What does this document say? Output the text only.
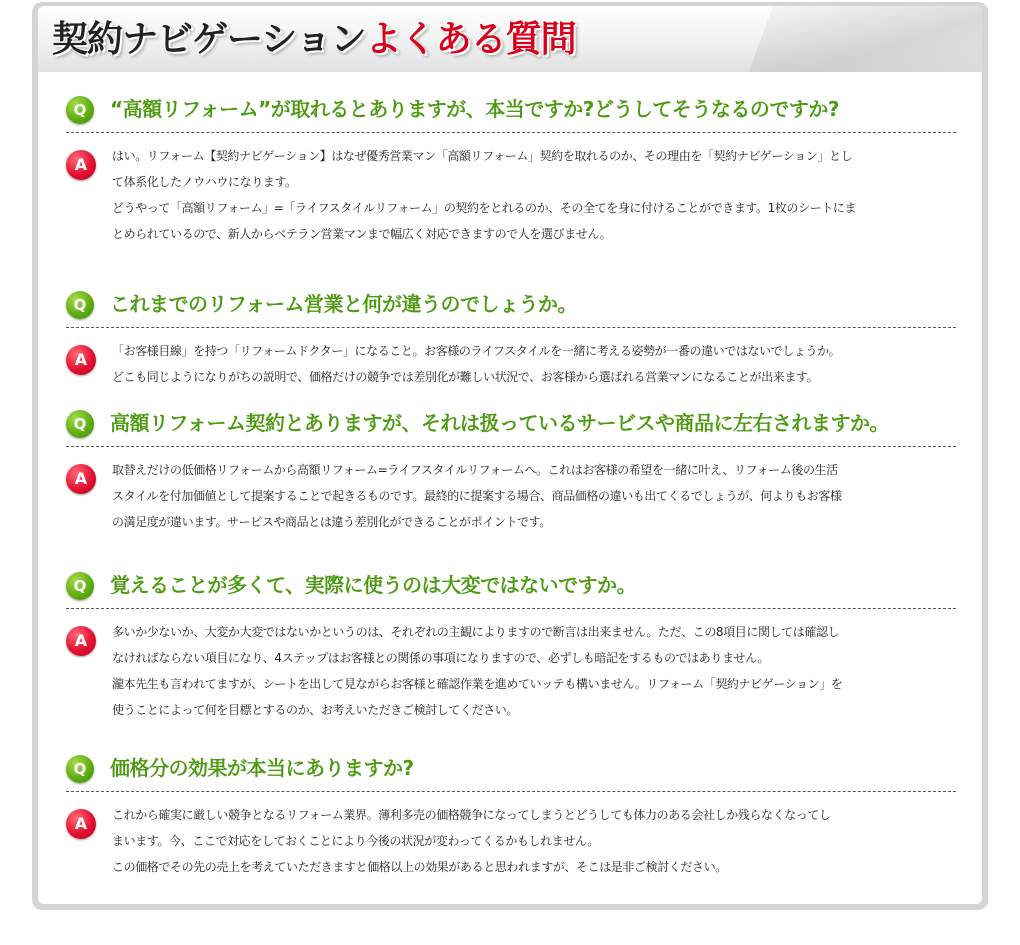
契約ナビゲーションよくある質問
Q	“高額リフォーム”が取れるとありますが、本当ですか?どうしてそうなるのですか?
A	はい。リフォーム【契約ナビゲーション】はなぜ優秀営業マン「高額リフォーム」契約を取れるのか、その理由を「契約ナビゲーション」とし
て体系化したノウハウになります。
どうやって「高額リフォーム」=「ライフスタイルリフォーム」の契約をとれるのか、その全てを身に付けることができます。1枚のシートにま
とめられているので、新人からベテラン営業マンまで幅広く対応できますので人を選びません。
Q	これまでのリフォーム営業と何が違うのでしょうか。
A	「お客様目線」を持つ「リフォームドクター」になること。お客様のライフスタイルを一緒に考える姿勢が一番の違いではないでしょうか。
どこも同じようになりがちの説明で、価格だけの競争では差別化が難しい状況で、お客様から選ばれる営業マンになることが出来ます。
Q	高額リフォーム契約とありますが、それは扱っているサービスや商品に左右されますか。
A	取替えだけの低価格リフォームから高額リフォーム=ライフスタイルリフォームへ。これはお客様の希望を一緒に叶え、リフォーム後の生活
スタイルを付加価値として提案することで起きるものです。最終的に提案する場合、商品価格の違いも出てくるでしょうが、何よりもお客様
の満足度が違います。サービスや商品とは違う差別化ができることがポイントです。
Q	覚えることが多くて、実際に使うのは大変ではないですか。
A	多いか少ないか、大変か大変ではないかというのは、それぞれの主観によりますので断言は出来ません。ただ、この8項目に関しては確認し
なければならない項目になり、4ステップはお客様との関係の事項になりますので、必ずしも暗記をするものではありません。
瀧本先生も言われてますが、シートを出して見ながらお客様と確認作業を進めていッテも構いません。リフォーム「契約ナビゲーション」を
使うことによって何を目標とするのか、お考えいただきご検討してください。
Q	価格分の効果が本当にありますか?
A	これから確実に厳しい競争となるリフォーム業界。薄利多売の価格競争になってしまうとどうしても体力のある会社しか残らなくなってし
まいます。今、ここで対応をしておくことにより今後の状況が変わってくるかもしれません。
この価格でその先の売上を考えていただきますと価格以上の効果があると思われますが、そこは是非ご検討ください。
